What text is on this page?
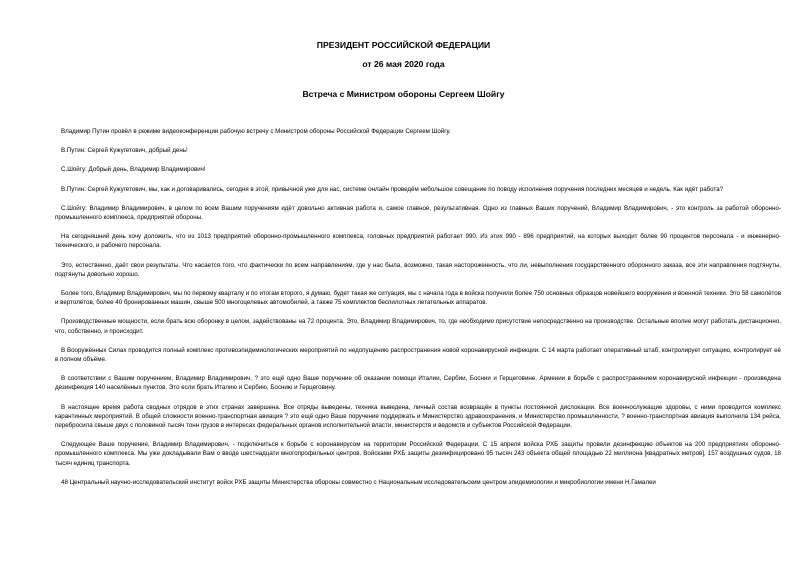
ПРЕЗИДЕНТ РОССИЙСКОЙ ФЕДЕРАЦИИ
от 26 мая 2020 года
Встреча с Министром обороны Сергеем Шойгу

Владимир Путин провёл в режиме видеоконференции рабочую встречу с Министром обороны Российской Федерации Сергеем Шойгу.

В.Путин: Сергей Кужугетович, добрый день!

С.Шойгу: Добрый день, Владимир Владимирович!

В.Путин: Сергей Кужугетович, мы, как и договаривались, сегодня в этой, привычной уже для нас, системе онлайн проведём небольшое совещание по поводу исполнения поручения последних месяцев и недель. Как идёт работа?

С.Шойгу: Владимир Владимирович, в целом по всем Вашим поручениям идёт довольно активная работа и, самое главное, результативная. Одно из главных Ваших поручений, Владимир Владимирович, - это контроль за работой оборонно-промышленного комплекса, предприятий обороны.

На сегодняшний день хочу доложить, что из 1013 предприятий оборонно-промышленного комплекса, головных предприятий работает 990. Из этих 990 - 896 предприятий, на которых выходит более 90 процентов персонала - и инженерно-технического, и рабочего персонала.

Это, естественно, даёт свои результаты. Что касается того, что фактически по всем направлениям, где у нас была, возможно, такая настороженность, что ли, невыполнения государственного оборонного заказа, все эти направления подтянуты, подтянуты довольно хорошо.

Более того, Владимир Владимирович, мы по первому кварталу и по итогам второго, я думаю, будет такая же ситуация, мы с начала года в войска получили более 750 основных образцов новейшего вооружения и военной техники. Это 58 самолётов и вертолётов, более 40 бронированных машин, свыше 500 многоцелевых автомобилей, а также 75 комплектов беспилотных летательных аппаратов.

Производственные мощности, если брать всю оборонку в целом, задействованы на 72 процента. Это, Владимир Владимирович, то, где необходимо присутствие непосредственно на производстве. Остальные вполне могут работать дистанционно, что, собственно, и происходит.

В Вооружённых Силах проводится полный комплекс противоэпидемиологических мероприятий по недопущению распространения новой коронавирусной инфекции. С 14 марта работает оперативный штаб, контролирует ситуацию, контролирует её в полном объёме.

В соответствии с Вашим поручением, Владимир Владимирович, ? это ещё одно Ваше поручение об оказании помощи Италии, Сербии, Боснии и Герцеговине, Армении в борьбе с распространением коронавирусной инфекции - произведена дезинфекция 140 населённых пунктов. Это если брать Италию и Сербию, Боснию и Герцеговину.

В настоящее время работа сводных отрядов в этих странах завершена. Все отряды выведены, техника выведена, личный состав возвращён в пункты постоянной дислокации. Все военнослужащие здоровы, с ними проводится комплекс карантинных мероприятий. В общей сложности военно-транспортная авиация ? это ещё одно Ваше поручение поддержать и Министерство здравоохранения, и Министерство промышленности, ? военно-транспортная авиация выполнила 134 рейса, перебросила свыше двух с половиной тысяч тонн грузов в интересах федеральных органов исполнительной власти, министерств и ведомств и субъектов Российской Федерации.

Следующее Ваше поручение, Владимир Владимирович, - подключиться к борьбе с коронавирусом на территории Российской Федерации. С 15 апреля войска РХБ защиты провели дезинфекцию объектов на 200 предприятиях оборонно-промышленного комплекса. Мы уже докладывали Вам о вводе шестнадцати многопрофильных центров. Войсками РХБ защиты дезинфицировано 95 тысяч 243 объекта общей площадью 22 миллиона [квадратных метров], 157 воздушных судов, 18 тысяч единиц транспорта.

48 Центральный научно-исследовательский институт войск РХБ защиты Министерства обороны совместно с Национальным исследовательским центром эпидемиологии и микробиологии имени Н.Гамалеи
